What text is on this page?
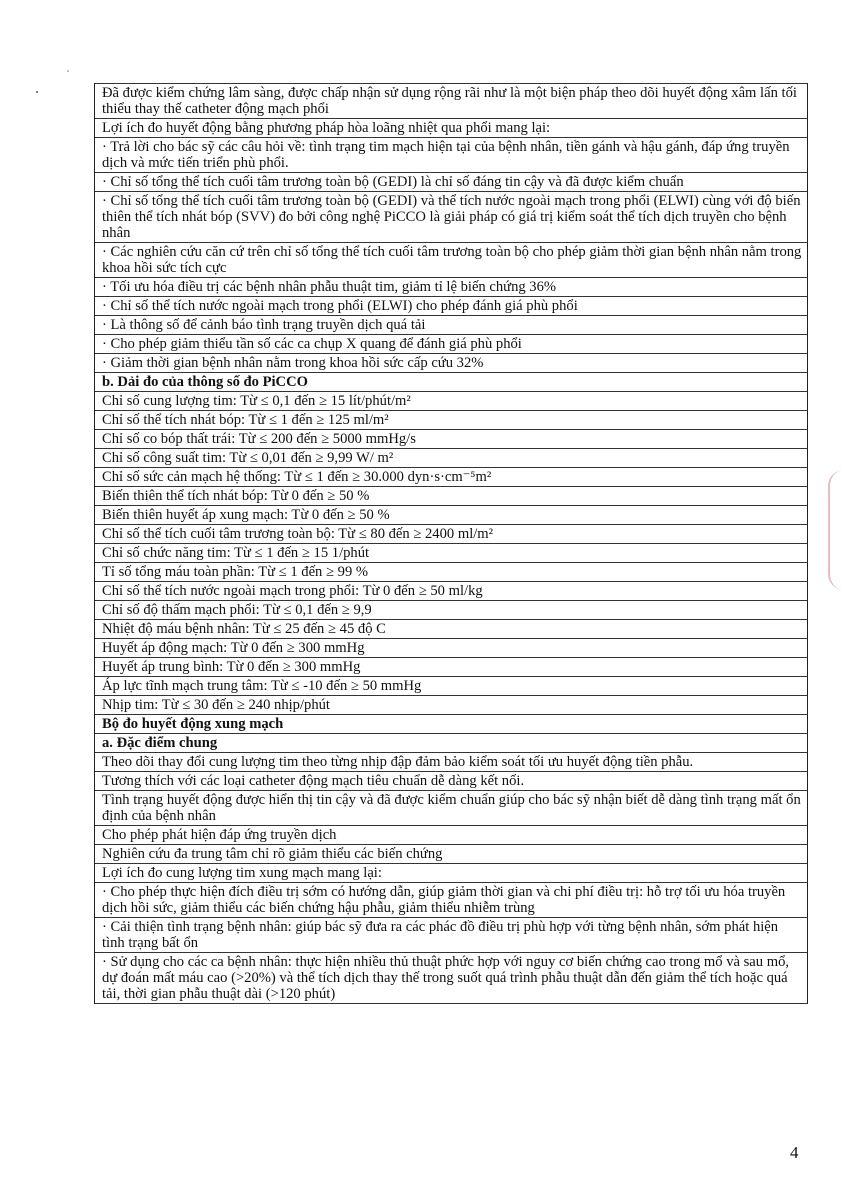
Đã được kiểm chứng lâm sàng, được chấp nhận sử dụng rộng rãi như là một biện pháp theo dõi huyết động xâm lấn tối thiểu thay thế catheter động mạch phổi
Lợi ích đo huyết động bằng phương pháp hòa loãng nhiệt qua phổi mang lại:
· Trả lời cho bác sỹ các câu hỏi về: tình trạng tim mạch hiện tại của bệnh nhân, tiền gánh và hậu gánh, đáp ứng truyền dịch và mức tiến triển phù phổi.
· Chỉ số tổng thể tích cuối tâm trương toàn bộ (GEDI) là chỉ số đáng tin cậy và đã được kiểm chuẩn
· Chỉ số tổng thể tích cuối tâm trương toàn bộ (GEDI) và thể tích nước ngoài mạch trong phổi (ELWI) cùng với độ biến thiên thể tích nhát bóp (SVV) đo bởi công nghệ PiCCO là giải pháp có giá trị kiểm soát thể tích dịch truyền cho bệnh nhân
· Các nghiên cứu căn cứ trên chỉ số tổng thể tích cuối tâm trương toàn bộ cho phép giảm thời gian bệnh nhân nằm trong khoa hồi sức tích cực
· Tối ưu hóa điều trị các bệnh nhân phẫu thuật tim, giảm tỉ lệ biến chứng 36%
· Chỉ số thể tích nước ngoài mạch trong phổi (ELWI) cho phép đánh giá phù phổi
· Là thông số để cảnh báo tình trạng truyền dịch quá tải
· Cho phép giảm thiểu tần số các ca chụp X quang để đánh giá phù phổi
· Giảm thời gian bệnh nhân nằm trong khoa hồi sức cấp cứu 32%
b. Dải đo của thông số đo PiCCO
Chỉ số cung lượng tim: Từ ≤ 0,1 đến ≥ 15 lít/phút/m²
Chỉ số thể tích nhát bóp: Từ ≤ 1 đến ≥ 125 ml/m²
Chỉ số co bóp thất trái: Từ ≤ 200 đến ≥ 5000 mmHg/s
Chỉ số công suất tim: Từ ≤ 0,01 đến ≥ 9,99 W/ m²
Chỉ số sức cản mạch hệ thống: Từ ≤ 1 đến ≥ 30.000 dyn·s·cm⁻⁵m²
Biến thiên thể tích nhát bóp: Từ 0 đến ≥ 50 %
Biến thiên huyết áp xung mạch: Từ 0 đến ≥ 50 %
Chỉ số thể tích cuối tâm trương toàn bộ: Từ ≤ 80 đến ≥ 2400 ml/m²
Chỉ số chức năng tim: Từ ≤ 1 đến ≥ 15 1/phút
Tỉ số tổng máu toàn phần: Từ ≤ 1 đến ≥ 99 %
Chỉ số thể tích nước ngoài mạch trong phổi: Từ 0 đến ≥ 50 ml/kg
Chỉ số độ thấm mạch phổi: Từ ≤ 0,1 đến ≥ 9,9
Nhiệt độ máu bệnh nhân: Từ ≤ 25 đến ≥ 45 độ C
Huyết áp động mạch: Từ 0 đến ≥ 300 mmHg
Huyết áp trung bình: Từ 0 đến ≥ 300 mmHg
Áp lực tĩnh mạch trung tâm: Từ ≤ -10 đến ≥ 50 mmHg
Nhịp tim: Từ ≤ 30 đến ≥ 240 nhịp/phút
Bộ đo huyết động xung mạch
a. Đặc điểm chung
Theo dõi thay đổi cung lượng tim theo từng nhịp đập đảm bảo kiểm soát tối ưu huyết động tiền phẫu.
Tương thích với các loại catheter động mạch tiêu chuẩn dễ dàng kết nối.
Tình trạng huyết động được hiển thị tin cậy và đã được kiểm chuẩn giúp cho bác sỹ nhận biết dễ dàng tình trạng mất ổn định của bệnh nhân
Cho phép phát hiện đáp ứng truyền dịch
Nghiên cứu đa trung tâm chỉ rõ giảm thiểu các biến chứng
Lợi ích đo cung lượng tim xung mạch mang lại:
· Cho phép thực hiện đích điều trị sớm có hướng dẫn, giúp giảm thời gian và chi phí điều trị: hỗ trợ tối ưu hóa truyền dịch hồi sức, giảm thiểu các biến chứng hậu phẫu, giảm thiểu nhiễm trùng
· Cải thiện tình trạng bệnh nhân: giúp bác sỹ đưa ra các phác đồ điều trị phù hợp với từng bệnh nhân, sớm phát hiện tình trạng bất ổn
· Sử dụng cho các ca bệnh nhân: thực hiện nhiều thủ thuật phức hợp với nguy cơ biến chứng cao trong mổ và sau mổ, dự đoán mất máu cao (>20%) và thể tích dịch thay thế trong suốt quá trình phẫu thuật dẫn đến giảm thể tích hoặc quá tải, thời gian phẫu thuật dài (>120 phút)
4
